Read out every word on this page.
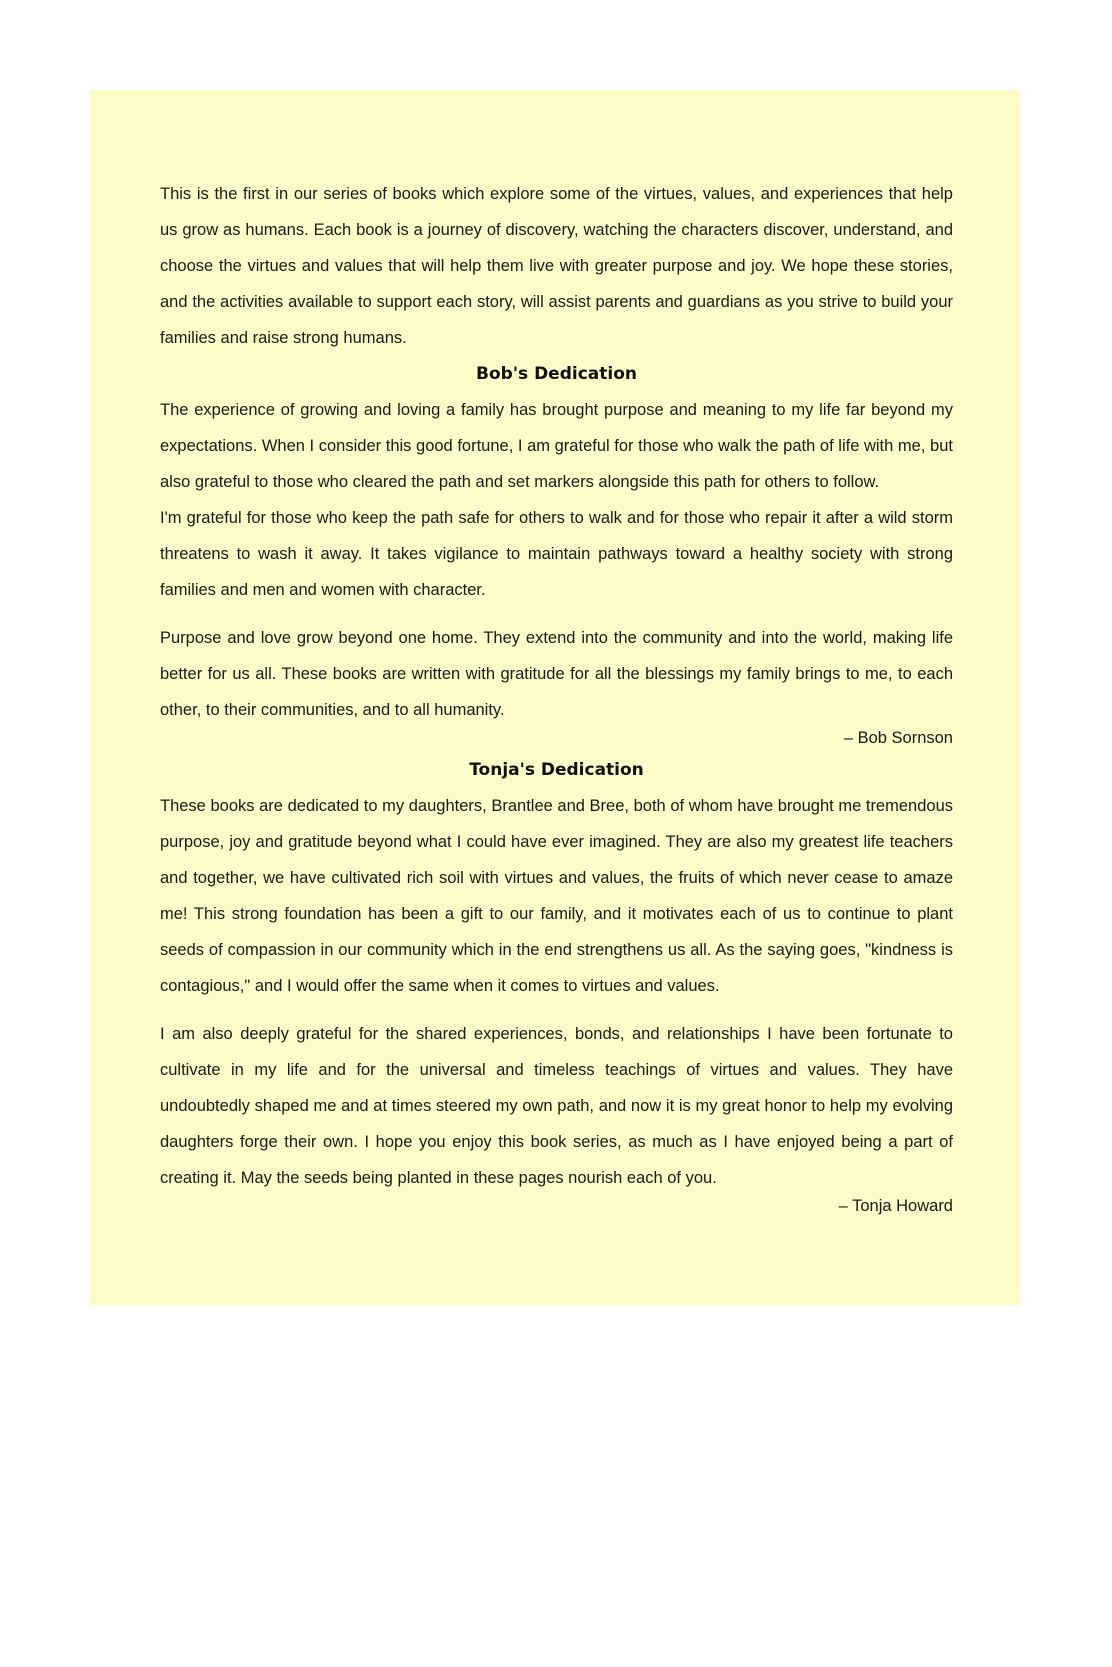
This is the first in our series of books which explore some of the virtues, values, and experiences that help us grow as humans. Each book is a journey of discovery, watching the characters discover, understand, and choose the virtues and values that will help them live with greater purpose and joy. We hope these stories, and the activities available to support each story, will assist parents and guardians as you strive to build your families and raise strong humans.

Bob's Dedication

The experience of growing and loving a family has brought purpose and meaning to my life far beyond my expectations. When I consider this good fortune, I am grateful for those who walk the path of life with me, but also grateful to those who cleared the path and set markers alongside this path for others to follow.

I'm grateful for those who keep the path safe for others to walk and for those who repair it after a wild storm threatens to wash it away. It takes vigilance to maintain pathways toward a healthy society with strong families and men and women with character.

Purpose and love grow beyond one home. They extend into the community and into the world, making life better for us all. These books are written with gratitude for all the blessings my family brings to me, to each other, to their communities, and to all humanity.

– Bob Sornson

Tonja's Dedication

These books are dedicated to my daughters, Brantlee and Bree, both of whom have brought me tremendous purpose, joy and gratitude beyond what I could have ever imagined. They are also my greatest life teachers and together, we have cultivated rich soil with virtues and values, the fruits of which never cease to amaze me! This strong foundation has been a gift to our family, and it motivates each of us to continue to plant seeds of compassion in our community which in the end strengthens us all. As the saying goes, "kindness is contagious," and I would offer the same when it comes to virtues and values.

I am also deeply grateful for the shared experiences, bonds, and relationships I have been fortunate to cultivate in my life and for the universal and timeless teachings of virtues and values. They have undoubtedly shaped me and at times steered my own path, and now it is my great honor to help my evolving daughters forge their own. I hope you enjoy this book series, as much as I have enjoyed being a part of creating it. May the seeds being planted in these pages nourish each of you.

– Tonja Howard
